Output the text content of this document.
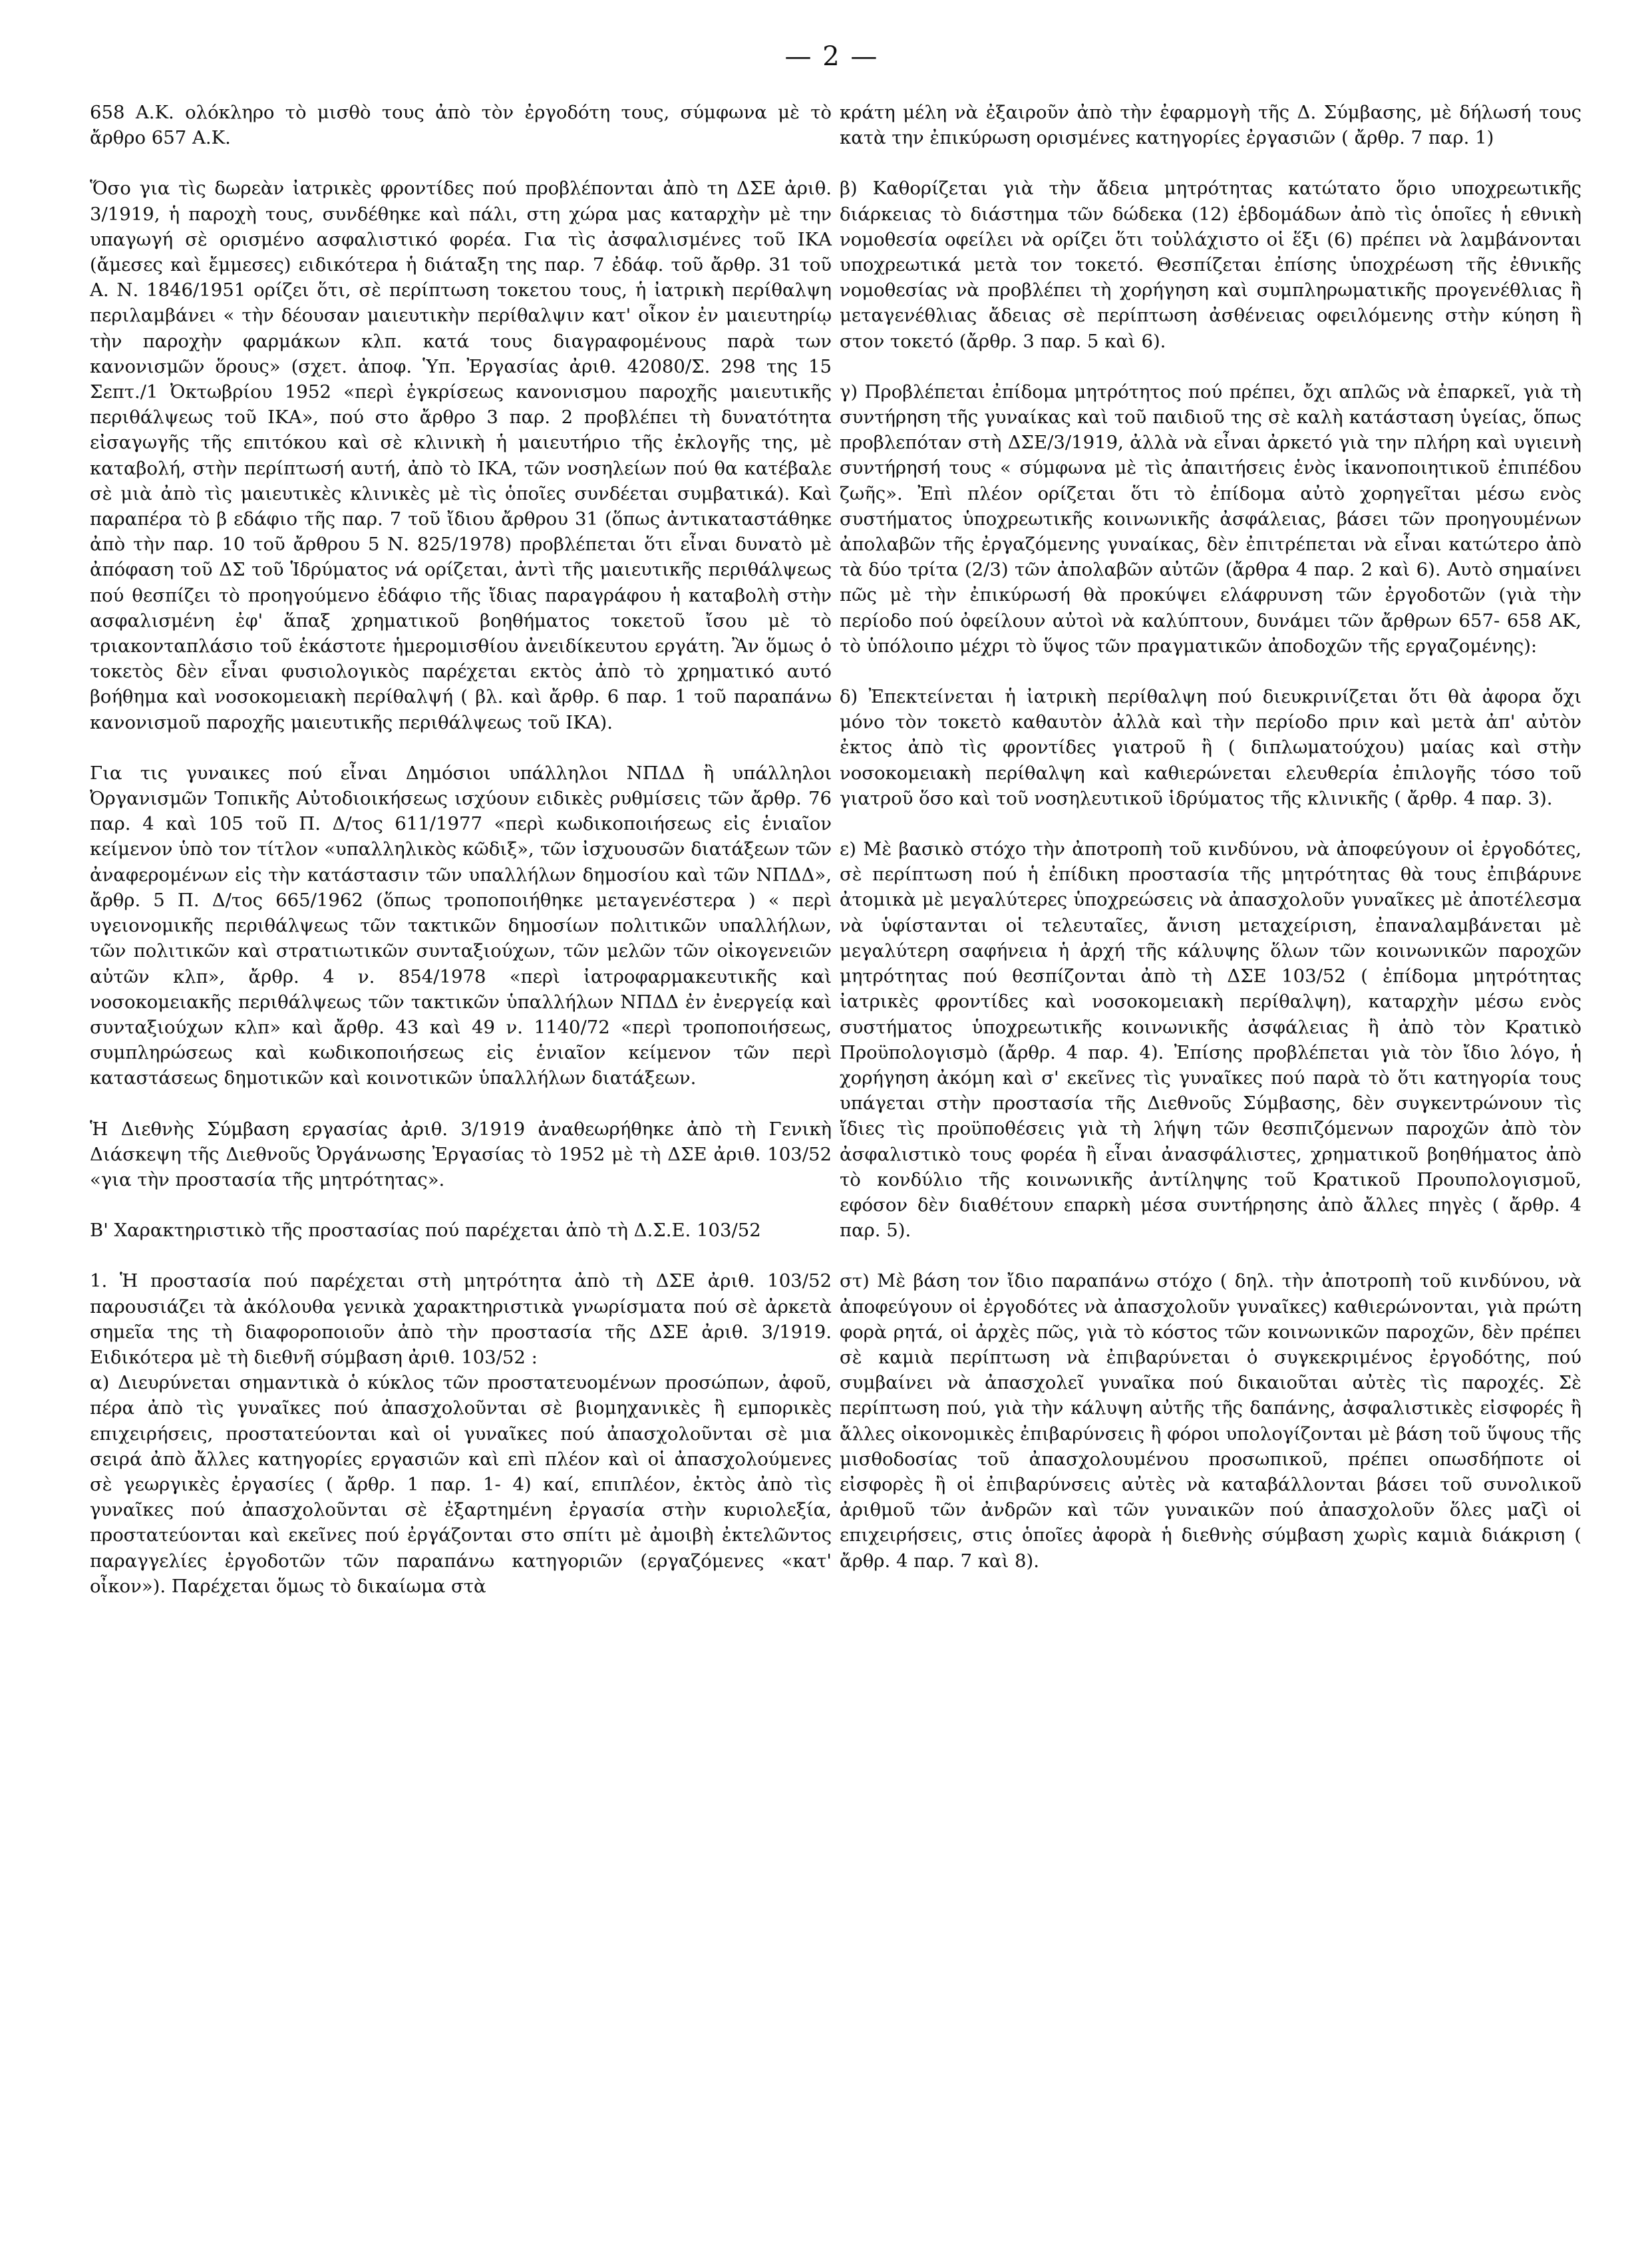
— 2 —

658 Α.Κ. ολόκληρο τὸ μισθὸ τους ἀπὸ τὸν ἐργοδότη τους, σύμφωνα μὲ τὸ ἄρθρο 657 Α.Κ.

Ὅσο για τὶς δωρεὰν ἰατρικὲς φροντίδες πού προβλέπονται ἀπὸ τη ΔΣΕ ἀριθ. 3/1919, ἡ παροχὴ τους, συνδέθηκε καὶ πάλι, στη χώρα μας καταρχὴν μὲ την υπαγωγή σὲ ορισμένο ασφαλιστικό φορέα. Για τὶς ἀσφαλισμένες τοῦ ΙΚΑ (ἄμεσες καὶ ἔμμεσες) ειδικότερα ἡ διάταξη της παρ. 7 ἐδάφ. τοῦ ἄρθρ. 31 τοῦ Α. Ν. 1846/1951 ορίζει ὅτι, σὲ περίπτωση τοκετου τους, ἡ ἰατρικὴ περίθαλψη περιλαμβάνει « τὴν δέουσαν μαιευτικὴν περίθαλψιν κατ' οἶκον ἐν μαιευτηρίῳ τὴν παροχὴν φαρμάκων κλπ. κατά τους διαγραφομένους παρὰ των κανονισμῶν ὅρους» (σχετ. ἀποφ. Ὑπ. Ἐργασίας ἀριθ. 42080/Σ. 298 της 15 Σεπτ./1 Ὀκτωβρίου 1952 «περὶ ἐγκρίσεως κανονισμου παροχῆς μαιευτικῆς περιθάλψεως τοῦ ΙΚΑ», πού στο ἄρθρο 3 παρ. 2 προβλέπει τὴ δυνατότητα εἰσαγωγῆς τῆς επιτόκου καὶ σὲ κλινικὴ ἡ μαιευτήριο τῆς ἐκλογῆς της, μὲ καταβολή, στὴν περίπτωσή αυτή, ἀπὸ τὸ ΙΚΑ, τῶν νοσηλείων πού θα κατέβαλε σὲ μιὰ ἀπὸ τὶς μαιευτικὲς κλινικὲς μὲ τὶς ὁποῖες συνδέεται συμβατικά). Καὶ παραπέρα τὸ β εδάφιο τῆς παρ. 7 τοῦ ἴδιου ἄρθρου 31 (ὅπως ἀντικαταστάθηκε ἀπὸ τὴν παρ. 10 τοῦ ἄρθρου 5 Ν. 825/1978) προβλέπεται ὅτι εἶναι δυνατὸ μὲ ἀπόφαση τοῦ ΔΣ τοῦ Ἱδρύματος νά ορίζεται, ἀντὶ τῆς μαιευτικῆς περιθάλψεως πού θεσπίζει τὸ προηγούμενο ἐδάφιο τῆς ἴδιας παραγράφου ἡ καταβολὴ στὴν ασφαλισμένη ἐφ' ἅπαξ χρηματικοῦ βοηθήματος τοκετοῦ ἴσου μὲ τὸ τριακονταπλάσιο τοῦ ἑκάστοτε ἡμερομισθίου ἀνειδίκευτου εργάτη. Ἂν ὅμως ὁ τοκετὸς δὲν εἶναι φυσιολογικὸς παρέχεται εκτὸς ἀπὸ τὸ χρηματικό αυτό βοήθημα καὶ νοσοκομειακὴ περίθαλψή ( βλ. καὶ ἄρθρ. 6 παρ. 1 τοῦ παραπάνω κανονισμοῦ παροχῆς μαιευτικῆς περιθάλψεως τοῦ ΙΚΑ).

Για τις γυναικες πού εἶναι Δημόσιοι υπάλληλοι ΝΠΔΔ ἢ υπάλληλοι Ὀργανισμῶν Τοπικῆς Αὐτοδιοικήσεως ισχύουν ειδικὲς ρυθμίσεις τῶν ἄρθρ. 76 παρ. 4 καὶ 105 τοῦ Π. Δ/τος 611/1977 «περὶ κωδικοποιήσεως εἰς ἑνιαῖον κείμενον ὑπὸ τον τίτλον «υπαλληλικὸς κῶδιξ», τῶν ἰσχυουσῶν διατάξεων τῶν ἀναφερομένων εἰς τὴν κατάστασιν τῶν υπαλλήλων δημοσίου καὶ τῶν ΝΠΔΔ», ἄρθρ. 5 Π. Δ/τος 665/1962 (ὅπως τροποποιήθηκε μεταγενέστερα ) « περὶ υγειονομικῆς περιθάλψεως τῶν τακτικῶν δημοσίων πολιτικῶν υπαλλήλων, τῶν πολιτικῶν καὶ στρατιωτικῶν συνταξιούχων, τῶν μελῶν τῶν οἰκογενειῶν αὐτῶν κλπ», ἄρθρ. 4 ν. 854/1978 «περὶ ἰατροφαρμακευτικῆς καὶ νοσοκομειακῆς περιθάλψεως τῶν τακτικῶν ὑπαλλήλων ΝΠΔΔ ἐν ἐνεργείᾳ καὶ συνταξιούχων κλπ» καὶ ἄρθρ. 43 καὶ 49 ν. 1140/72 «περὶ τροποποιήσεως, συμπληρώσεως καὶ κωδικοποιήσεως εἰς ἑνιαῖον κείμενον τῶν περὶ καταστάσεως δημοτικῶν καὶ κοινοτικῶν ὑπαλλήλων διατάξεων.

Ἡ Διεθνὴς Σύμβαση εργασίας ἀριθ. 3/1919 ἀναθεωρήθηκε ἀπὸ τὴ Γενικὴ Διάσκεψη τῆς Διεθνοῦς Ὀργάνωσης Ἐργασίας τὸ 1952 μὲ τὴ ΔΣΕ ἀριθ. 103/52 «για τὴν προστασία τῆς μητρότητας».

Β' Χαρακτηριστικὸ τῆς προστασίας πού παρέχεται ἀπὸ τὴ Δ.Σ.Ε. 103/52

1. Ἡ προστασία πού παρέχεται στὴ μητρότητα ἀπὸ τὴ ΔΣΕ ἀριθ. 103/52 παρουσιάζει τὰ ἀκόλουθα γενικὰ χαρακτηριστικὰ γνωρίσματα πού σὲ ἀρκετὰ σημεῖα της τὴ διαφοροποιοῦν ἀπὸ τὴν προστασία τῆς ΔΣΕ ἀριθ. 3/1919. Ειδικότερα μὲ τὴ διεθνῆ σύμβαση ἀριθ. 103/52 :

α) Διευρύνεται σημαντικὰ ὁ κύκλος τῶν προστατευομένων προσώπων, ἀφοῦ, πέρα ἀπὸ τὶς γυναῖκες πού ἀπασχολοῦνται σὲ βιομηχανικὲς ἢ εμπορικὲς επιχειρήσεις, προστατεύονται καὶ οἱ γυναῖκες πού ἀπασχολοῦνται σὲ μια σειρά ἀπὸ ἄλλες κατηγορίες εργασιῶν καὶ επὶ πλέον καὶ οἱ ἀπασχολούμενες σὲ γεωργικὲς ἐργασίες ( ἄρθρ. 1 παρ. 1- 4) καί, επιπλέον, ἐκτὸς ἀπὸ τὶς γυναῖκες πού ἀπασχολοῦνται σὲ ἐξαρτημένη ἐργασία στὴν κυριολεξία, προστατεύονται καὶ εκεῖνες πού ἐργάζονται στο σπίτι μὲ ἀμοιβὴ ἐκτελῶντος παραγγελίες ἐργοδοτῶν τῶν παραπάνω κατηγοριῶν (εργαζόμενες «κατ' οἶκον»). Παρέχεται ὅμως τὸ δικαίωμα στὰ

κράτη μέλη νὰ ἐξαιροῦν ἀπὸ τὴν ἐφαρμογὴ τῆς Δ. Σύμβασης, μὲ δήλωσή τους κατὰ την ἐπικύρωση ορισμένες κατηγορίες ἐργασιῶν ( ἄρθρ. 7 παρ. 1)

β) Καθορίζεται γιὰ τὴν ἄδεια μητρότητας κατώτατο ὅριο υποχρεωτικῆς διάρκειας τὸ διάστημα τῶν δώδεκα (12) ἑβδομάδων ἀπὸ τὶς ὁποῖες ἡ εθνικὴ νομοθεσία οφείλει νὰ ορίζει ὅτι τοὐλάχιστο οἱ ἕξι (6) πρέπει νὰ λαμβάνονται υποχρεωτικά μετὰ τον τοκετό. Θεσπίζεται ἐπίσης ὑποχρέωση τῆς ἐθνικῆς νομοθεσίας νὰ προβλέπει τὴ χορήγηση καὶ συμπληρωματικῆς προγενέθλιας ἢ μεταγενέθλιας ἄδειας σὲ περίπτωση ἀσθένειας οφειλόμενης στὴν κύηση ἢ στον τοκετό (ἄρθρ. 3 παρ. 5 καὶ 6).

γ) Προβλέπεται ἐπίδομα μητρότητος πού πρέπει, ὄχι απλῶς νὰ ἐπαρκεῖ, γιὰ τὴ συντήρηση τῆς γυναίκας καὶ τοῦ παιδιοῦ της σὲ καλὴ κατάσταση ὑγείας, ὅπως προβλεπόταν στὴ ΔΣΕ/3/1919, ἀλλὰ νὰ εἶναι ἀρκετό γιὰ την πλήρη καὶ υγιεινὴ συντήρησή τους « σύμφωνα μὲ τὶς ἀπαιτήσεις ἑνὸς ἱκανοποιητικοῦ ἐπιπέδου ζωῆς». Ἐπὶ πλέον ορίζεται ὅτι τὸ ἐπίδομα αὐτὸ χορηγεῖται μέσω ενὸς συστήματος ὑποχρεωτικῆς κοινωνικῆς ἀσφάλειας, βάσει τῶν προηγουμένων ἀπολαβῶν τῆς ἐργαζόμενης γυναίκας, δὲν ἐπιτρέπεται νὰ εἶναι κατώτερο ἀπὸ τὰ δύο τρίτα (2/3) τῶν ἀπολαβῶν αὐτῶν (ἄρθρα 4 παρ. 2 καὶ 6). Αυτὸ σημαίνει πῶς μὲ τὴν ἐπικύρωσή θὰ προκύψει ελάφρυνση τῶν ἐργοδοτῶν (γιὰ τὴν περίοδο πού ὀφείλουν αὐτοὶ νὰ καλύπτουν, δυνάμει τῶν ἄρθρων 657- 658 ΑΚ, τὸ ὑπόλοιπο μέχρι τὸ ὕψος τῶν πραγματικῶν ἀποδοχῶν τῆς εργαζομένης):

δ) Ἐπεκτείνεται ἡ ἰατρικὴ περίθαλψη πού διευκρινίζεται ὅτι θὰ ἀφορα ὄχι μόνο τὸν τοκετὸ καθαυτὸν ἀλλὰ καὶ τὴν περίοδο πριν καὶ μετὰ ἀπ' αὐτὸν ἐκτος ἀπὸ τὶς φροντίδες γιατροῦ ἢ ( διπλωματούχου) μαίας καὶ στὴν νοσοκομειακὴ περίθαλψη καὶ καθιερώνεται ελευθερία ἐπιλογῆς τόσο τοῦ γιατροῦ ὅσο καὶ τοῦ νοσηλευτικοῦ ἱδρύματος τῆς κλινικῆς ( ἄρθρ. 4 παρ. 3).

ε) Μὲ βασικὸ στόχο τὴν ἀποτροπὴ τοῦ κινδύνου, νὰ ἀποφεύγουν οἱ ἐργοδότες, σὲ περίπτωση πού ἡ ἐπίδικη προστασία τῆς μητρότητας θὰ τους ἐπιβάρυνε ἀτομικὰ μὲ μεγαλύτερες ὑποχρεώσεις νὰ ἀπασχολοῦν γυναῖκες μὲ ἀποτέλεσμα νὰ ὑφίστανται οἱ τελευταῖες, ἄνιση μεταχείριση, ἐπαναλαμβάνεται μὲ μεγαλύτερη σαφήνεια ἡ ἀρχή τῆς κάλυψης ὅλων τῶν κοινωνικῶν παροχῶν μητρότητας πού θεσπίζονται ἀπὸ τὴ ΔΣΕ 103/52 ( ἐπίδομα μητρότητας ἰατρικὲς φροντίδες καὶ νοσοκομειακὴ περίθαλψη), καταρχὴν μέσω ενὸς συστήματος ὑποχρεωτικῆς κοινωνικῆς ἀσφάλειας ἢ ἀπὸ τὸν Κρατικὸ Προϋπολογισμὸ (ἄρθρ. 4 παρ. 4). Ἐπίσης προβλέπεται γιὰ τὸν ἴδιο λόγο, ἡ χορήγηση ἀκόμη καὶ σ' εκεῖνες τὶς γυναῖκες πού παρὰ τὸ ὅτι κατηγορία τους υπάγεται στὴν προστασία τῆς Διεθνοῦς Σύμβασης, δὲν συγκεντρώνουν τὶς ἴδιες τὶς προϋποθέσεις γιὰ τὴ λήψη τῶν θεσπιζόμενων παροχῶν ἀπὸ τὸν ἀσφαλιστικὸ τους φορέα ἢ εἶναι ἀνασφάλιστες, χρηματικοῦ βοηθήματος ἀπὸ τὸ κονδύλιο τῆς κοινωνικῆς ἀντίληψης τοῦ Κρατικοῦ Προυπολογισμοῦ, εφόσον δὲν διαθέτουν επαρκὴ μέσα συντήρησης ἀπὸ ἄλλες πηγὲς ( ἄρθρ. 4 παρ. 5).

στ) Μὲ βάση τον ἴδιο παραπάνω στόχο ( δηλ. τὴν ἀποτροπὴ τοῦ κινδύνου, νὰ ἀποφεύγουν οἱ ἐργοδότες νὰ ἀπασχολοῦν γυναῖκες) καθιερώνονται, γιὰ πρώτη φορὰ ρητά, οἱ ἀρχὲς πῶς, γιὰ τὸ κόστος τῶν κοινωνικῶν παροχῶν, δὲν πρέπει σὲ καμιὰ περίπτωση νὰ ἐπιβαρύνεται ὁ συγκεκριμένος ἐργοδότης, πού συμβαίνει νὰ ἀπασχολεῖ γυναῖκα πού δικαιοῦται αὐτὲς τὶς παροχές. Σὲ περίπτωση πού, γιὰ τὴν κάλυψη αὐτῆς τῆς δαπάνης, ἀσφαλιστικὲς εἰσφορές ἢ ἄλλες οἰκονομικὲς ἐπιβαρύνσεις ἢ φόροι υπολογίζονται μὲ βάση τοῦ ὕψους τῆς μισθοδοσίας τοῦ ἀπασχολουμένου προσωπικοῦ, πρέπει οπωσδήποτε οἱ εἰσφορὲς ἢ οἱ ἐπιβαρύνσεις αὐτὲς νὰ καταβάλλονται βάσει τοῦ συνολικοῦ ἀριθμοῦ τῶν ἀνδρῶν καὶ τῶν γυναικῶν πού ἀπασχολοῦν ὅλες μαζὶ οἱ επιχειρήσεις, στις ὁποῖες ἀφορὰ ἡ διεθνὴς σύμβαση χωρὶς καμιὰ διάκριση ( ἄρθρ. 4 παρ. 7 καὶ 8).
